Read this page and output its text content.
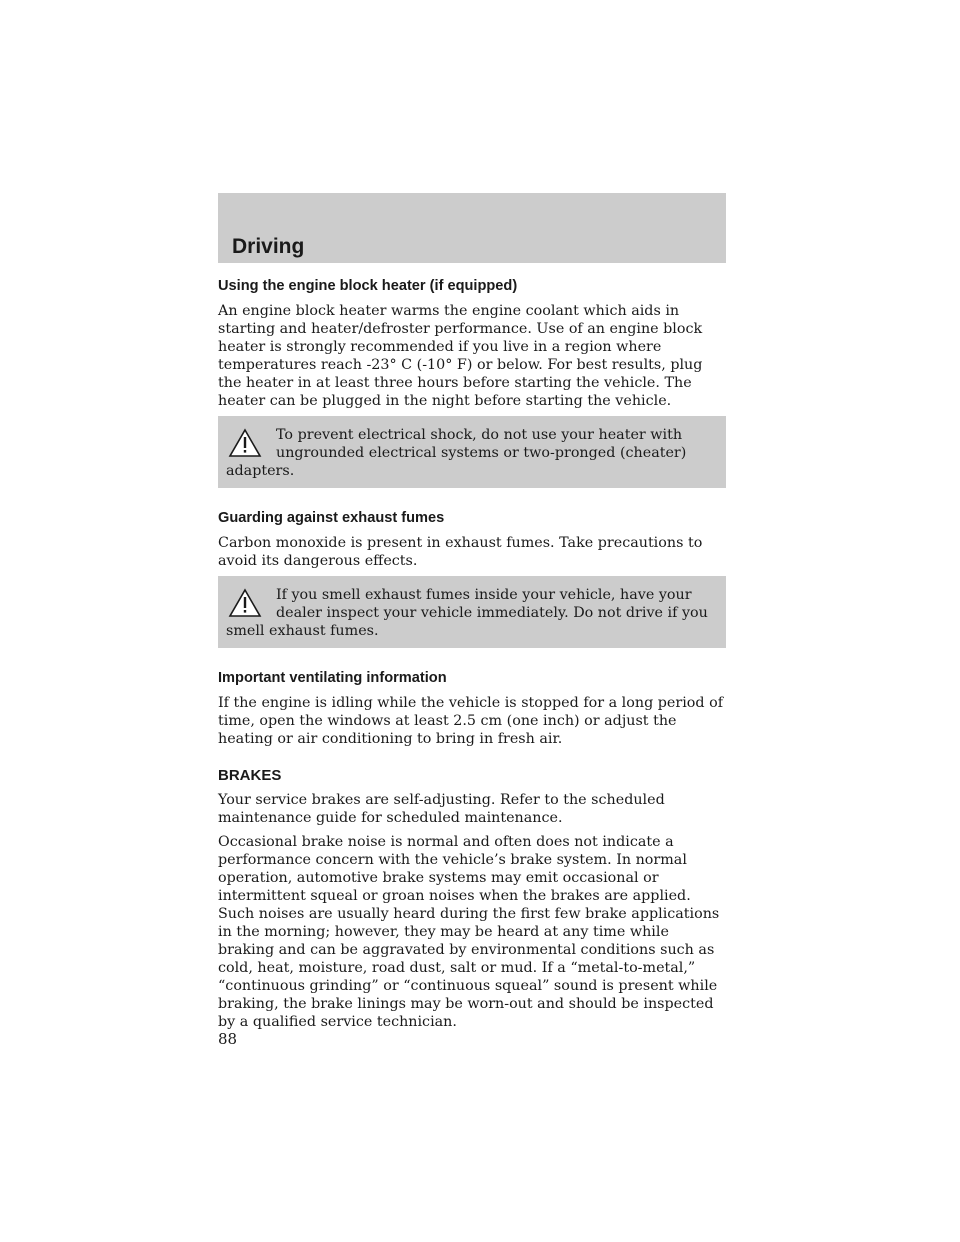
Driving
Using the engine block heater (if equipped)

An engine block heater warms the engine coolant which aids in starting and heater/defroster performance. Use of an engine block heater is strongly recommended if you live in a region where temperatures reach -23° C (-10° F) or below. For best results, plug the heater in at least three hours before starting the vehicle. The heater can be plugged in the night before starting the vehicle.

To prevent electrical shock, do not use your heater with ungrounded electrical systems or two-pronged (cheater) adapters.
Guarding against exhaust fumes

Carbon monoxide is present in exhaust fumes. Take precautions to avoid its dangerous effects.

If you smell exhaust fumes inside your vehicle, have your dealer inspect your vehicle immediately. Do not drive if you smell exhaust fumes.
Important ventilating information

If the engine is idling while the vehicle is stopped for a long period of time, open the windows at least 2.5 cm (one inch) or adjust the heating or air conditioning to bring in fresh air.

BRAKES

Your service brakes are self-adjusting. Refer to the scheduled maintenance guide for scheduled maintenance.

Occasional brake noise is normal and often does not indicate a performance concern with the vehicle’s brake system. In normal operation, automotive brake systems may emit occasional or intermittent squeal or groan noises when the brakes are applied. Such noises are usually heard during the first few brake applications in the morning; however, they may be heard at any time while braking and can be aggravated by environmental conditions such as cold, heat, moisture, road dust, salt or mud. If a “metal-to-metal,” “continuous grinding” or “continuous squeal” sound is present while braking, the brake linings may be worn-out and should be inspected by a qualified service technician.

88
